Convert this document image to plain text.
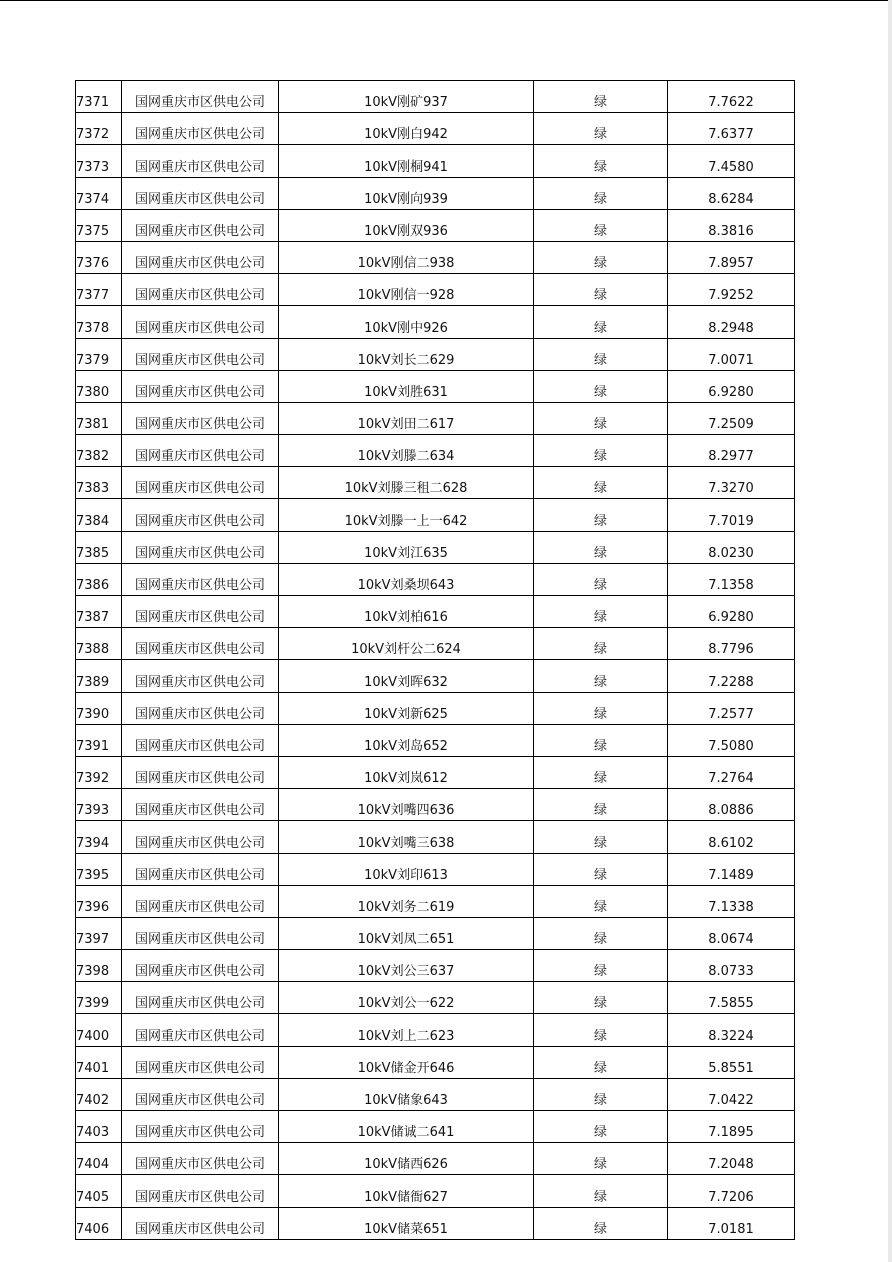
7371	国网重庆市区供电公司	10kV刚矿937	绿	7.7622
7372	国网重庆市区供电公司	10kV刚白942	绿	7.6377
7373	国网重庆市区供电公司	10kV刚桐941	绿	7.4580
7374	国网重庆市区供电公司	10kV刚向939	绿	8.6284
7375	国网重庆市区供电公司	10kV刚双936	绿	8.3816
7376	国网重庆市区供电公司	10kV刚信二938	绿	7.8957
7377	国网重庆市区供电公司	10kV刚信一928	绿	7.9252
7378	国网重庆市区供电公司	10kV刚中926	绿	8.2948
7379	国网重庆市区供电公司	10kV刘长二629	绿	7.0071
7380	国网重庆市区供电公司	10kV刘胜631	绿	6.9280
7381	国网重庆市区供电公司	10kV刘田二617	绿	7.2509
7382	国网重庆市区供电公司	10kV刘滕二634	绿	8.2977
7383	国网重庆市区供电公司	10kV刘滕三租二628	绿	7.3270
7384	国网重庆市区供电公司	10kV刘滕一上一642	绿	7.7019
7385	国网重庆市区供电公司	10kV刘江635	绿	8.0230
7386	国网重庆市区供电公司	10kV刘桑坝643	绿	7.1358
7387	国网重庆市区供电公司	10kV刘柏616	绿	6.9280
7388	国网重庆市区供电公司	10kV刘杆公二624	绿	8.7796
7389	国网重庆市区供电公司	10kV刘晖632	绿	7.2288
7390	国网重庆市区供电公司	10kV刘新625	绿	7.2577
7391	国网重庆市区供电公司	10kV刘岛652	绿	7.5080
7392	国网重庆市区供电公司	10kV刘岚612	绿	7.2764
7393	国网重庆市区供电公司	10kV刘嘴四636	绿	8.0886
7394	国网重庆市区供电公司	10kV刘嘴三638	绿	8.6102
7395	国网重庆市区供电公司	10kV刘印613	绿	7.1489
7396	国网重庆市区供电公司	10kV刘务二619	绿	7.1338
7397	国网重庆市区供电公司	10kV刘凤二651	绿	8.0674
7398	国网重庆市区供电公司	10kV刘公三637	绿	8.0733
7399	国网重庆市区供电公司	10kV刘公一622	绿	7.5855
7400	国网重庆市区供电公司	10kV刘上二623	绿	8.3224
7401	国网重庆市区供电公司	10kV储金开646	绿	5.8551
7402	国网重庆市区供电公司	10kV储象643	绿	7.0422
7403	国网重庆市区供电公司	10kV储诚二641	绿	7.1895
7404	国网重庆市区供电公司	10kV储西626	绿	7.2048
7405	国网重庆市区供电公司	10kV储衙627	绿	7.7206
7406	国网重庆市区供电公司	10kV储菜651	绿	7.0181
